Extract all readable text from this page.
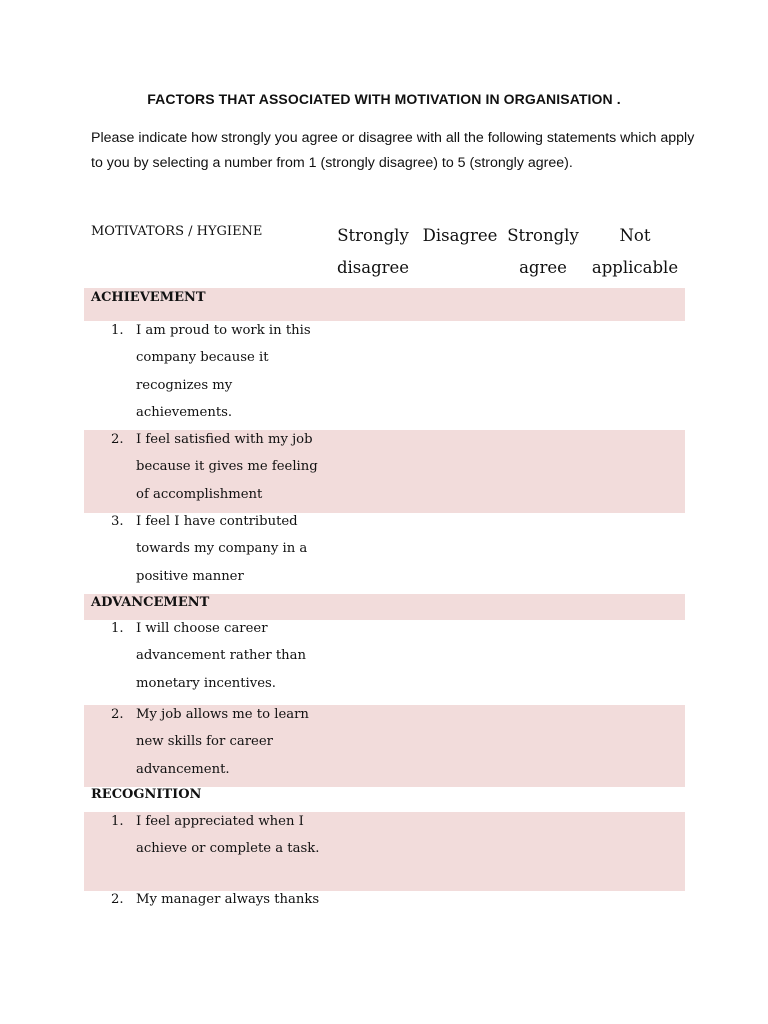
FACTORS THAT ASSOCIATED WITH MOTIVATION IN ORGANISATION .
Please indicate how strongly you agree or disagree with all the following statements which apply
to you by selecting a number from 1 (strongly disagree) to 5 (strongly agree).
MOTIVATORS / HYGIENE	Strongly
disagree
Disagree Strongly
agree
Not
applicable
ACHIEVEMENT
1. I am proud to work in this
company because it
recognizes my
achievements.
2. I feel satisfied with my job
because it gives me feeling
of accomplishment
3. I feel I have contributed
towards my company in a
positive manner
ADVANCEMENT
1. I will choose career
advancement rather than
monetary incentives.
2. My job allows me to learn
new skills for career
advancement.
RECOGNITION
1. I feel appreciated when I
achieve or complete a task.
2. My manager always thanks
